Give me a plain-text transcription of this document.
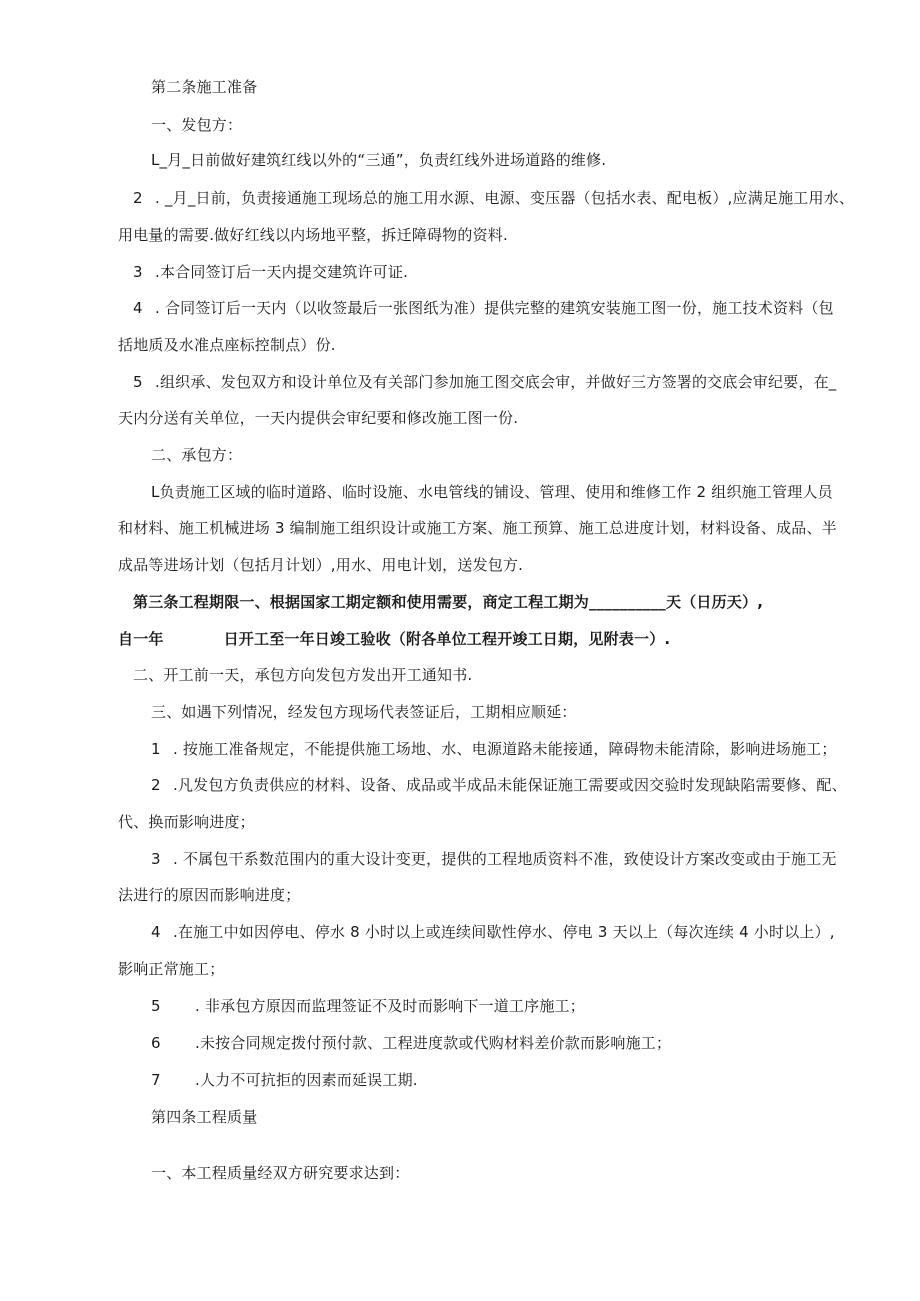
第二条施工准备
一、发包方：
L_月_日前做好建筑红线以外的“三通”，负责红线外进场道路的维修.
2 . _月_日前，负责接通施工现场总的施工用水源、电源、变压器（包括水表、配电板）,应满足施工用水、
用电量的需要.做好红线以内场地平整，拆迁障碍物的资料.
3 .本合同签订后一天内提交建筑许可证.
4 . 合同签订后一天内（以收签最后一张图纸为准）提供完整的建筑安装施工图一份，施工技术资料（包
括地质及水准点座标控制点）份.
5 .组织承、发包双方和设计单位及有关部门参加施工图交底会审，并做好三方签署的交底会审纪要，在_
天内分送有关单位，一天内提供会审纪要和修改施工图一份.
二、承包方：
L负责施工区域的临时道路、临时设施、水电管线的铺设、管理、使用和维修工作 2 组织施工管理人员
和材料、施工机械进场 3 编制施工组织设计或施工方案、施工预算、施工总进度计划，材料设备、成品、半
成品等进场计划（包括月计划）,用水、用电计划，送发包方.
第三条工程期限一、根据国家工期定额和使用需要，商定工程工期为__________天（日历天）,
自一年	日开工至一年日竣工验收（附各单位工程开竣工日期，见附表一）.
二、开工前一天，承包方向发包方发出开工通知书.
三、如遇下列情况，经发包方现场代表签证后，工期相应顺延：
1 . 按施工准备规定，不能提供施工场地、水、电源道路未能接通，障碍物未能清除，影响进场施工；
2 .凡发包方负责供应的材料、设备、成品或半成品未能保证施工需要或因交验时发现缺陷需要修、配、
代、换而影响进度；
3 . 不属包干系数范围内的重大设计变更，提供的工程地质资料不准，致使设计方案改变或由于施工无
法进行的原因而影响进度；
4 .在施工中如因停电、停水 8 小时以上或连续间歇性停水、停电 3 天以上（每次连续 4 小时以上）,
影响正常施工；
5 . 非承包方原因而监理签证不及时而影响下一道工序施工；
6 .未按合同规定拨付预付款、工程进度款或代购材料差价款而影响施工；
7 .人力不可抗拒的因素而延误工期.
第四条工程质量
一、本工程质量经双方研究要求达到：
